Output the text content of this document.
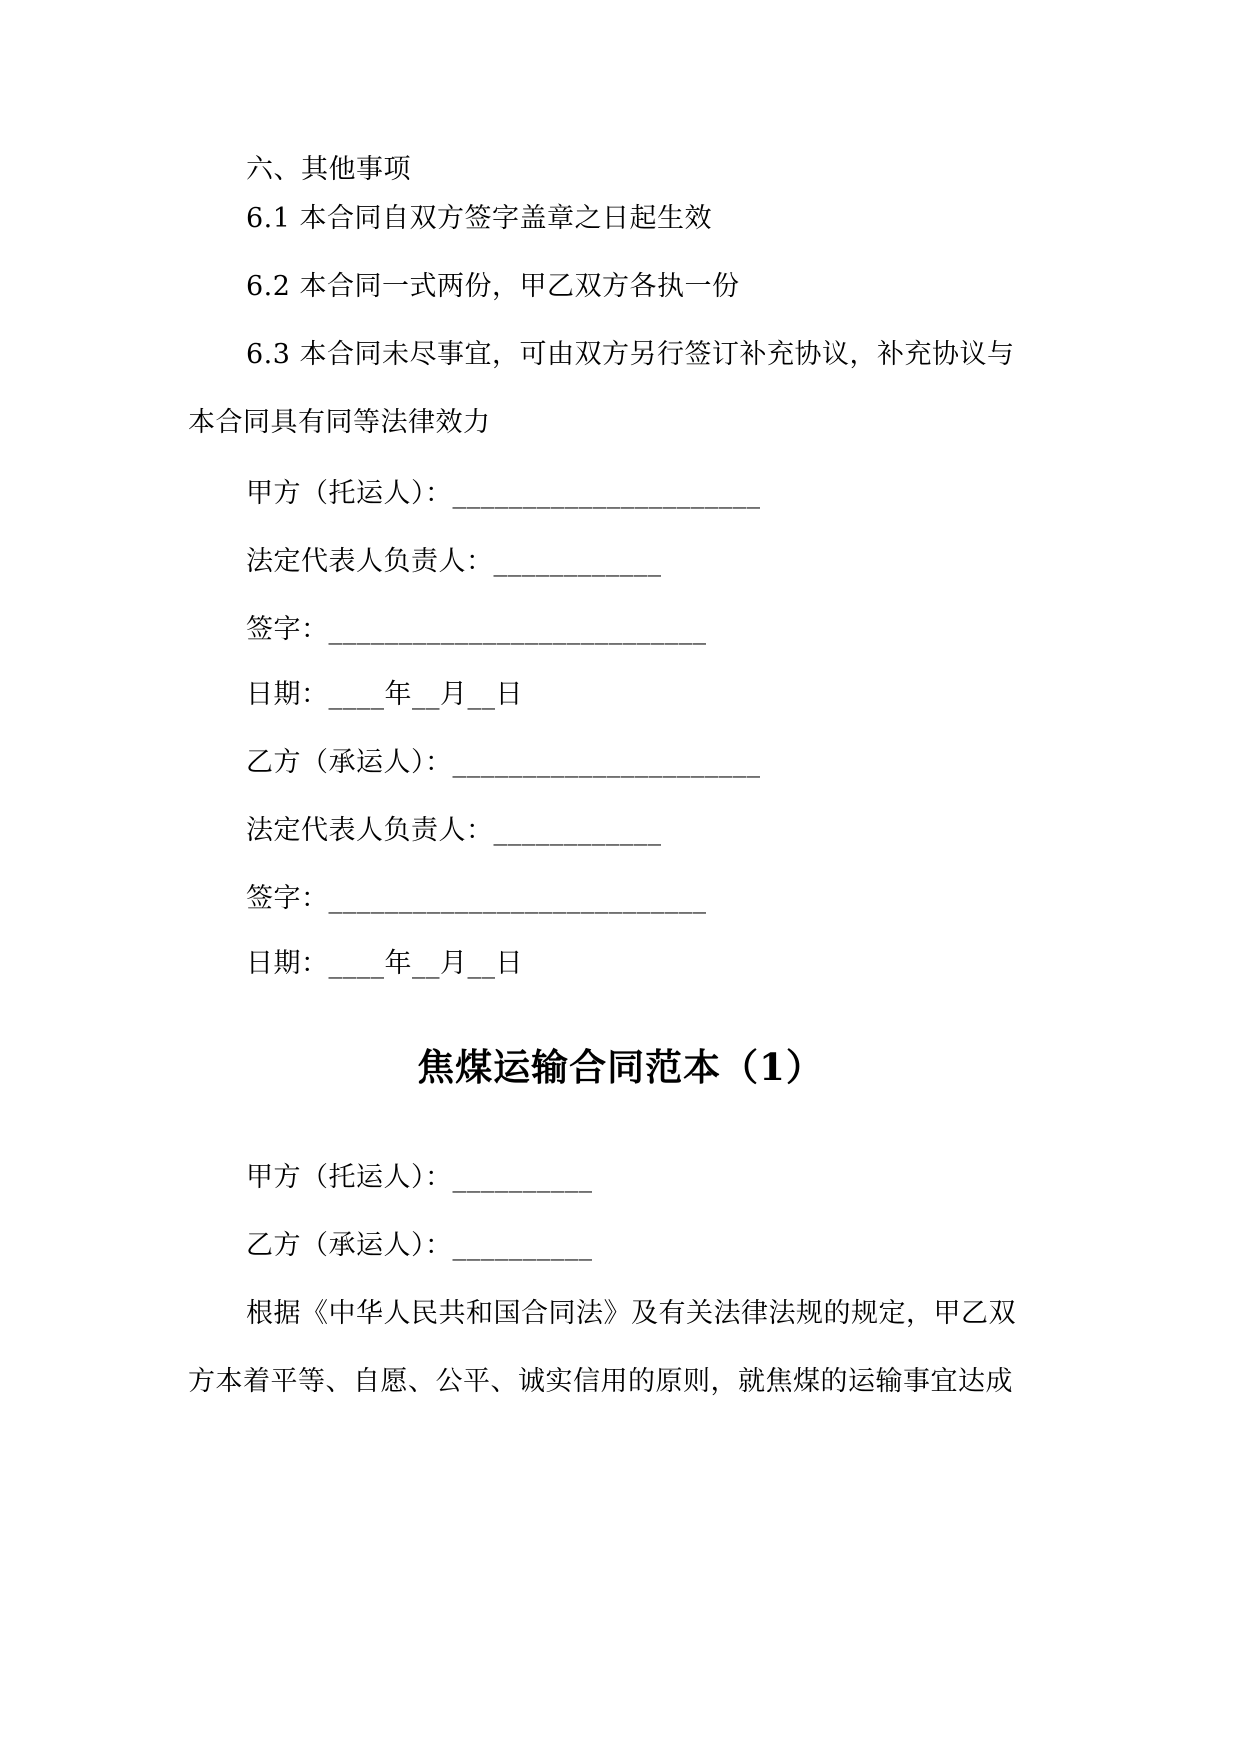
六、其他事项
6.1 本合同自双方签字盖章之日起生效
6.2 本合同一式两份，甲乙双方各执一份
6.3 本合同未尽事宜，可由双方另行签订补充协议，补充协议与
本合同具有同等法律效力
甲方（托运人）：______________________
法定代表人负责人：____________
签字：___________________________
日期：____年__月__日
乙方（承运人）：______________________
法定代表人负责人：____________
签字：___________________________
日期：____年__月__日
焦煤运输合同范本（1）
甲方（托运人）：__________
乙方（承运人）：__________
根据《中华人民共和国合同法》及有关法律法规的规定，甲乙双
方本着平等、自愿、公平、诚实信用的原则，就焦煤的运输事宜达成
